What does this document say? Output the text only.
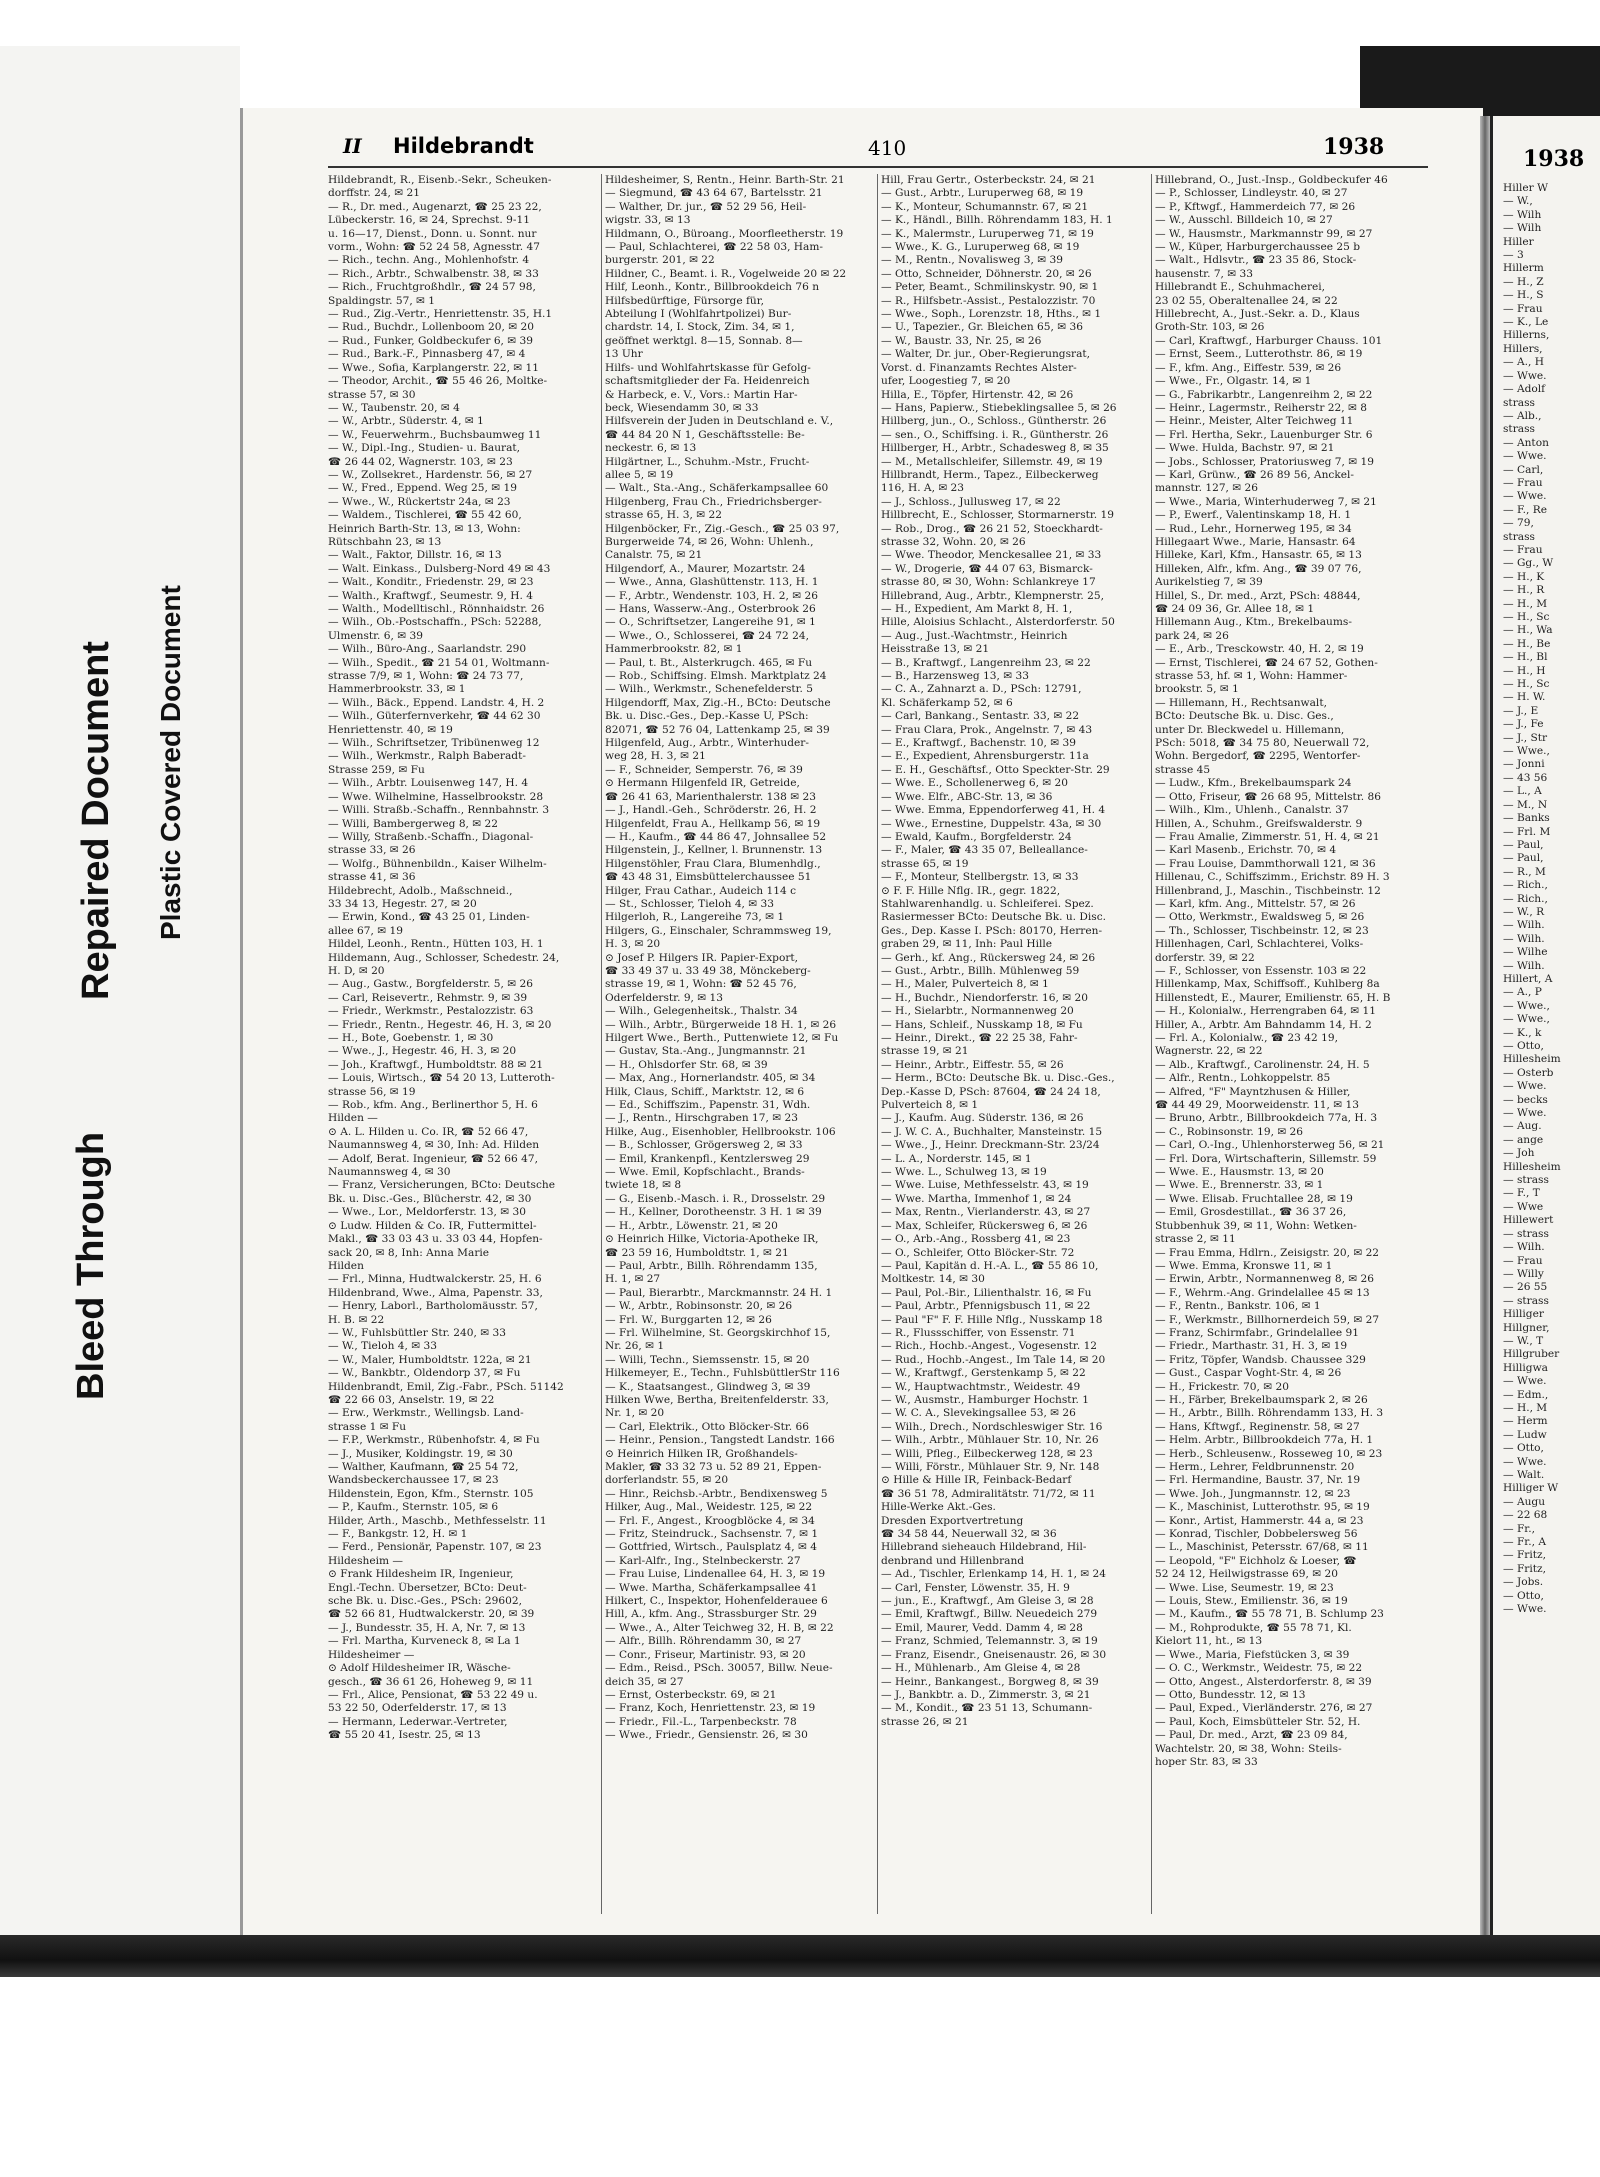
Repaired Document
Bleed Through
Plastic Covered Document
II Hildebrandt	410	1938

Hildebrandt, R., Eisenb.-Sekr., Scheuken-

dorffstr. 24, ✉ 21

— R., Dr. med., Augenarzt, ☎ 25 23 22,

Lübeckerstr. 16, ✉ 24, Sprechst. 9-11

u. 16—17, Dienst., Donn. u. Sonnt. nur

vorm., Wohn: ☎ 52 24 58, Agnesstr. 47

— Rich., techn. Ang., Mohlenhofstr. 4

— Rich., Arbtr., Schwalbenstr. 38, ✉ 33

— Rich., Fruchtgroßhdlr., ☎ 24 57 98,

Spaldingstr. 57, ✉ 1

— Rud., Zig.-Vertr., Henriettenstr. 35, H.1

— Rud., Buchdr., Lollenboom 20, ✉ 20

— Rud., Funker, Goldbeckufer 6, ✉ 39

— Rud., Bark.-F., Pinnasberg 47, ✉ 4

— Wwe., Sofia, Karplangerstr. 22, ✉ 11

— Theodor, Archit., ☎ 55 46 26, Moltke-

strasse 57, ✉ 30

— W., Taubenstr. 20, ✉ 4

— W., Arbtr., Süderstr. 4, ✉ 1

— W., Feuerwehrm., Buchsbaumweg 11

— W., Dipl.-Ing., Studien- u. Baurat,

☎ 26 44 02, Wagnerstr. 103, ✉ 23

— W., Zollsekret., Hardenstr. 56, ✉ 27

— W., Fred., Eppend. Weg 25, ✉ 19

— Wwe., W., Rückertstr 24a, ✉ 23

— Waldem., Tischlerei, ☎ 55 42 60,

Heinrich Barth-Str. 13, ✉ 13, Wohn:

Rütschbahn 23, ✉ 13

— Walt., Faktor, Dillstr. 16, ✉ 13

— Walt. Einkass., Dulsberg-Nord 49 ✉ 43

— Walt., Konditr., Friedenstr. 29, ✉ 23

— Walth., Kraftwgf., Seumestr. 9, H. 4

— Walth., Modelltischl., Rönnhaidstr. 26

— Wilh., Ob.-Postschaffn., PSch: 52288,

Ulmenstr. 6, ✉ 39

— Wilh., Büro-Ang., Saarlandstr. 290

— Wilh., Spedit., ☎ 21 54 01, Woltmann-

strasse 7/9, ✉ 1, Wohn: ☎ 24 73 77,

Hammerbrookstr. 33, ✉ 1

— Wilh., Bäck., Eppend. Landstr. 4, H. 2

— Wilh., Güterfernverkehr, ☎ 44 62 30

Henriettenstr. 40, ✉ 19

— Wilh., Schriftsetzer, Tribünenweg 12

— Wilh., Werkmstr., Ralph Baberadt-

Strasse 259, ✉ Fu

— Wilh., Arbtr. Louisenweg 147, H. 4

— Wwe. Wilhelmine, Hasselbrookstr. 28

— Willi. Straßb.-Schaffn., Rennbahnstr. 3

— Willi, Bambergerweg 8, ✉ 22

— Willy, Straßenb.-Schaffn., Diagonal-

strasse 33, ✉ 26

— Wolfg., Bühnenbildn., Kaiser Wilhelm-

strasse 41, ✉ 36

Hildebrecht, Adolb., Maßschneid.,

33 34 13, Hegestr. 27, ✉ 20

— Erwin, Kond., ☎ 43 25 01, Linden-

allee 67, ✉ 19

Hildel, Leonh., Rentn., Hütten 103, H. 1

Hildemann, Aug., Schlosser, Schedestr. 24,

H. D, ✉ 20

— Aug., Gastw., Borgfelderstr. 5, ✉ 26

— Carl, Reisevertr., Rehmstr. 9, ✉ 39

— Friedr., Werkmstr., Pestalozzistr. 63

— Friedr., Rentn., Hegestr. 46, H. 3, ✉ 20

— H., Bote, Goebenstr. 1, ✉ 30

— Wwe., J., Hegestr. 46, H. 3, ✉ 20

— Joh., Kraftwgf., Humboldtstr. 88 ✉ 21

— Louis, Wirtsch., ☎ 54 20 13, Lutteroth-

strasse 56, ✉ 19

— Rob., kfm. Ang., Berlinerthor 5, H. 6

Hilden —

⊙ A. L. Hilden u. Co. IR, ☎ 52 66 47,

Naumannsweg 4, ✉ 30, Inh: Ad. Hilden

— Adolf, Berat. Ingenieur, ☎ 52 66 47,

Naumannsweg 4, ✉ 30

— Franz, Versicherungen, BCto: Deutsche

Bk. u. Disc.-Ges., Blücherstr. 42, ✉ 30

— Wwe., Lor., Meldorferstr. 13, ✉ 30

⊙ Ludw. Hilden & Co. IR, Futtermittel-

Makl., ☎ 33 03 43 u. 33 03 44, Hopfen-

sack 20, ✉ 8, Inh: Anna Marie

Hilden

— Frl., Minna, Hudtwalckerstr. 25, H. 6

Hildenbrand, Wwe., Alma, Papenstr. 33,

— Henry, Laborl., Bartholomäusstr. 57,

H. B. ✉ 22

— W., Fuhlsbüttler Str. 240, ✉ 33

— W., Tieloh 4, ✉ 33

— W., Maler, Humboldtstr. 122a, ✉ 21

— W., Bankbtr., Oldendorp 37, ✉ Fu

Hildenbrandt, Emil, Zig.-Fabr., PSch. 51142

☎ 22 66 03, Anselstr. 19, ✉ 22

— Erw., Werkmstr., Wellingsb. Land-

strasse 1 ✉ Fu

— F.P., Werkmstr., Rübenhofstr. 4, ✉ Fu

— J., Musiker, Koldingstr. 19, ✉ 30

— Walther, Kaufmann, ☎ 25 54 72,

Wandsbeckerchaussee 17, ✉ 23

Hildenstein, Egon, Kfm., Sternstr. 105

— P., Kaufm., Sternstr. 105, ✉ 6

Hilder, Arth., Maschb., Methfesselstr. 11

— F., Bankgstr. 12, H. ✉ 1

— Ferd., Pensionär, Papenstr. 107, ✉ 23

Hildesheim —

⊙ Frank Hildesheim IR, Ingenieur,

Engl.-Techn. Übersetzer, BCto: Deut-

sche Bk. u. Disc.-Ges., PSch: 29602,

☎ 52 66 81, Hudtwalckerstr. 20, ✉ 39

— J., Bundesstr. 35, H. A, Nr. 7, ✉ 13

— Frl. Martha, Kurveneck 8, ✉ La 1

Hildesheimer —

⊙ Adolf Hildesheimer IR, Wäsche-

gesch., ☎ 36 61 26, Hoheweg 9, ✉ 11

— Frl., Alice, Pensionat, ☎ 53 22 49 u.

53 22 50, Oderfelderstr. 17, ✉ 13

— Hermann, Lederwar.-Vertreter,

☎ 55 20 41, Isestr. 25, ✉ 13

Hildesheimer, S, Rentn., Heinr. Barth-Str. 21

— Siegmund, ☎ 43 64 67, Bartelsstr. 21

— Walther, Dr. jur., ☎ 52 29 56, Heil-

wigstr. 33, ✉ 13

Hildmann, O., Büroang., Moorfleetherstr. 19

— Paul, Schlachterei, ☎ 22 58 03, Ham-

burgerstr. 201, ✉ 22

Hildner, C., Beamt. i. R., Vogelweide 20 ✉ 22

Hilf, Leonh., Kontr., Billbrookdeich 76 n

Hilfsbedürftige, Fürsorge für,

Abteilung I (Wohlfahrtpolizei) Bur-

chardstr. 14, I. Stock, Zim. 34, ✉ 1,

geöffnet werktgl. 8—15, Sonnab. 8—

13 Uhr

Hilfs- und Wohlfahrtskasse für Gefolg-

schaftsmitglieder der Fa. Heidenreich

& Harbeck, e. V., Vors.: Martin Har-

beck, Wiesendamm 30, ✉ 33

Hilfsverein der Juden in Deutschland e. V.,

☎ 44 84 20 N 1, Geschäftsstelle: Be-

neckestr. 6, ✉ 13

Hilgärtner, L., Schuhm.-Mstr., Frucht-

allee 5, ✉ 19

— Walt., Sta.-Ang., Schäferkampsallee 60

Hilgenberg, Frau Ch., Friedrichsberger-

strasse 65, H. 3, ✉ 22

Hilgenböcker, Fr., Zig.-Gesch., ☎ 25 03 97,

Burgerweide 74, ✉ 26, Wohn: Uhlenh.,

Canalstr. 75, ✉ 21

Hilgendorf, A., Maurer, Mozartstr. 24

— Wwe., Anna, Glashüttenstr. 113, H. 1

— F., Arbtr., Wendenstr. 103, H. 2, ✉ 26

— Hans, Wasserw.-Ang., Osterbrook 26

— O., Schriftsetzer, Langereihe 91, ✉ 1

— Wwe., O., Schlosserei, ☎ 24 72 24,

Hammerbrookstr. 82, ✉ 1

— Paul, t. Bt., Alsterkrugch. 465, ✉ Fu

— Rob., Schiffsing. Elmsh. Marktplatz 24

— Wilh., Werkmstr., Schenefelderstr. 5

Hilgendorff, Max, Zig.-H., BCto: Deutsche

Bk. u. Disc.-Ges., Dep.-Kasse U, PSch:

82071, ☎ 52 76 04, Lattenkamp 25, ✉ 39

Hilgenfeld, Aug., Arbtr., Winterhuder-

weg 28, H. 3, ✉ 21

— F., Schneider, Semperstr. 76, ✉ 39

⊙ Hermann Hilgenfeld IR, Getreide,

☎ 26 41 63, Marienthalerstr. 138 ✉ 23

— J., Handl.-Geh., Schröderstr. 26, H. 2

Hilgenfeldt, Frau A., Hellkamp 56, ✉ 19

— H., Kaufm., ☎ 44 86 47, Johnsallee 52

Hilgenstein, J., Kellner, l. Brunnenstr. 13

Hilgenstöhler, Frau Clara, Blumenhdlg.,

☎ 43 48 31, Eimsbüttelerchaussee 51

Hilger, Frau Cathar., Audeich 114 c

— St., Schlosser, Tieloh 4, ✉ 33

Hilgerloh, R., Langereihe 73, ✉ 1

Hilgers, G., Einschaler, Schrammsweg 19,

H. 3, ✉ 20

⊙ Josef P. Hilgers IR. Papier-Export,

☎ 33 49 37 u. 33 49 38, Mönckeberg-

strasse 19, ✉ 1, Wohn: ☎ 52 45 76,

Oderfelderstr. 9, ✉ 13

— Wilh., Gelegenheitsk., Thalstr. 34

— Wilh., Arbtr., Bürgerweide 18 H. 1, ✉ 26

Hilgert Wwe., Berth., Puttenwiete 12, ✉ Fu

— Gustav, Sta.-Ang., Jungmannstr. 21

— H., Ohlsdorfer Str. 68, ✉ 39

— Max, Ang., Hornerlandstr. 405, ✉ 34

Hilk, Claus, Schiff., Marktstr. 12, ✉ 6

— Ed., Schiffszim., Papenstr. 31, Wdh.

— J., Rentn., Hirschgraben 17, ✉ 23

Hilke, Aug., Eisenhobler, Hellbrookstr. 106

— B., Schlosser, Grögersweg 2, ✉ 33

— Emil, Krankenpfl., Kentzlersweg 29

— Wwe. Emil, Kopfschlacht., Brands-

twiete 18, ✉ 8

— G., Eisenb.-Masch. i. R., Drosselstr. 29

— H., Kellner, Dorotheenstr. 3 H. 1 ✉ 39

— H., Arbtr., Löwenstr. 21, ✉ 20

⊙ Heinrich Hilke, Victoria-Apotheke IR,

☎ 23 59 16, Humboldtstr. 1, ✉ 21

— Paul, Arbtr., Billh. Röhrendamm 135,

H. 1, ✉ 27

— Paul, Bierarbtr., Marckmannstr. 24 H. 1

— W., Arbtr., Robinsonstr. 20, ✉ 26

— Frl. W., Burggarten 12, ✉ 26

— Frl. Wilhelmine, St. Georgskirchhof 15,

Nr. 26, ✉ 1

— Willi, Techn., Siemssenstr. 15, ✉ 20

Hilkemeyer, E., Techn., FuhlsbüttlerStr 116

— K., Staatsangest., Glindweg 3, ✉ 39

Hilken Wwe, Bertha, Breitenfelderstr. 33,

Nr. 1, ✉ 20

— Carl, Elektrik., Otto Blöcker-Str. 66

— Heinr., Pension., Tangstedt Landstr. 166

⊙ Heinrich Hilken IR, Großhandels-

Makler, ☎ 33 32 73 u. 52 89 21, Eppen-

dorferlandstr. 55, ✉ 20

— Hinr., Reichsb.-Arbtr., Bendixensweg 5

Hilker, Aug., Mal., Weidestr. 125, ✉ 22

— Frl. F., Angest., Kroogblöcke 4, ✉ 34

— Fritz, Steindruck., Sachsenstr. 7, ✉ 1

— Gottfried, Wirtsch., Paulsplatz 4, ✉ 4

— Karl-Alfr., Ing., Stelnbeckerstr. 27

— Frau Luise, Lindenallee 64, H. 3, ✉ 19

— Wwe. Martha, Schäferkampsallee 41

Hilkert, C., Inspektor, Hohenfelderauee 6

Hill, A., kfm. Ang., Strassburger Str. 29

— Wwe., A., Alter Teichweg 32, H. B, ✉ 22

— Alfr., Billh. Röhrendamm 30, ✉ 27

— Conr., Friseur, Martinistr. 93, ✉ 20

— Edm., Reisd., PSch. 30057, Billw. Neue-

deich 35, ✉ 27

— Ernst, Osterbeckstr. 69, ✉ 21

— Franz, Koch, Henriettenstr. 23, ✉ 19

— Friedr., Fil.-L., Tarpenbeckstr. 78

— Wwe., Friedr., Gensienstr. 26, ✉ 30

Hill, Frau Gertr., Osterbeckstr. 24, ✉ 21

— Gust., Arbtr., Luruperweg 68, ✉ 19

— K., Monteur, Schumannstr. 67, ✉ 21

— K., Händl., Billh. Röhrendamm 183, H. 1

— K., Malermstr., Luruperweg 71, ✉ 19

— Wwe., K. G., Luruperweg 68, ✉ 19

— M., Rentn., Novalisweg 3, ✉ 39

— Otto, Schneider, Döhnerstr. 20, ✉ 26

— Peter, Beamt., Schmilinskystr. 90, ✉ 1

— R., Hilfsbetr.-Assist., Pestalozzistr. 70

— Wwe., Soph., Lorenzstr. 18, Hths., ✉ 1

— U., Tapezier., Gr. Bleichen 65, ✉ 36

— W., Baustr. 33, Nr. 25, ✉ 26

— Walter, Dr. jur., Ober-Regierungsrat,

Vorst. d. Finanzamts Rechtes Alster-

ufer, Loogestieg 7, ✉ 20

Hilla, E., Töpfer, Hirtenstr. 42, ✉ 26

— Hans, Papierw., Stiebeklingsallee 5, ✉ 26

Hillberg, jun., O., Schloss., Güntherstr. 26

— sen., O., Schiffsing. i. R., Güntherstr. 26

Hillberger, H., Arbtr., Schadesweg 8, ✉ 35

— M., Metallschleifer, Sillemstr. 49, ✉ 19

Hillbrandt, Herm., Tapez., Eilbeckerweg

116, H. A, ✉ 23

— J., Schloss., Jullusweg 17, ✉ 22

Hillbrecht, E., Schlosser, Stormarnerstr. 19

— Rob., Drog., ☎ 26 21 52, Stoeckhardt-

strasse 32, Wohn. 20, ✉ 26

— Wwe. Theodor, Menckesallee 21, ✉ 33

— W., Drogerie, ☎ 44 07 63, Bismarck-

strasse 80, ✉ 30, Wohn: Schlankreye 17

Hillebrand, Aug., Arbtr., Klempnerstr. 25,

— H., Expedient, Am Markt 8, H. 1,

Hille, Aloisius Schlacht., Alsterdorferstr. 50

— Aug., Just.-Wachtmstr., Heinrich

Heisstraße 13, ✉ 21

— B., Kraftwgf., Langenreihm 23, ✉ 22

— B., Harzensweg 13, ✉ 33

— C. A., Zahnarzt a. D., PSch: 12791,

Kl. Schäferkamp 52, ✉ 6

— Carl, Bankang., Sentastr. 33, ✉ 22

— Frau Clara, Prok., Angelnstr. 7, ✉ 43

— E., Kraftwgf., Bachenstr. 10, ✉ 39

— E., Expedient, Ahrensburgerstr. 11a

— E. H., Geschäftsf., Otto Speckter-Str. 29

— Wwe. E., Schollenerweg 6, ✉ 20

— Wwe. Elfr., ABC-Str. 13, ✉ 36

— Wwe. Emma, Eppendorferweg 41, H. 4

— Wwe., Ernestine, Duppelstr. 43a, ✉ 30

— Ewald, Kaufm., Borgfelderstr. 24

— F., Maler, ☎ 43 35 07, Belleallance-

strasse 65, ✉ 19

— F., Monteur, Stellbergstr. 13, ✉ 33

⊙ F. F. Hille Nflg. IR., gegr. 1822,

Stahlwarenhandlg. u. Schleiferei. Spez.

Rasiermesser BCto: Deutsche Bk. u. Disc.

Ges., Dep. Kasse I. PSch: 80170, Herren-

graben 29, ✉ 11, Inh: Paul Hille

— Gerh., kf. Ang., Rückersweg 24, ✉ 26

— Gust., Arbtr., Billh. Mühlenweg 59

— H., Maler, Pulverteich 8, ✉ 1

— H., Buchdr., Niendorferstr. 16, ✉ 20

— H., Sielarbtr., Normannenweg 20

— Hans, Schleif., Nusskamp 18, ✉ Fu

— Heinr., Direkt., ☎ 22 25 38, Fahr-

strasse 19, ✉ 21

— Heinr., Arbtr., Eiffestr. 55, ✉ 26

— Herm., BCto: Deutsche Bk. u. Disc.-Ges.,

Dep.-Kasse D, PSch: 87604, ☎ 24 24 18,

Pulverteich 8, ✉ 1

— J., Kaufm. Aug. Süderstr. 136, ✉ 26

— J. W. C. A., Buchhalter, Mansteinstr. 15

— Wwe., J., Heinr. Dreckmann-Str. 23/24

— L. A., Norderstr. 145, ✉ 1

— Wwe. L., Schulweg 13, ✉ 19

— Wwe. Luise, Methfesselstr. 43, ✉ 19

— Wwe. Martha, Immenhof 1, ✉ 24

— Max, Rentn., Vierlanderstr. 43, ✉ 27

— Max, Schleifer, Rückersweg 6, ✉ 26

— O., Arb.-Ang., Rossberg 41, ✉ 23

— O., Schleifer, Otto Blöcker-Str. 72

— Paul, Kapitän d. H.-A. L., ☎ 55 86 10,

Moltkestr. 14, ✉ 30

— Paul, Pol.-Bir., Lilienthalstr. 16, ✉ Fu

— Paul, Arbtr., Pfennigsbusch 11, ✉ 22

— Paul "F" F. F. Hille Nflg., Nusskamp 18

— R., Flussschiffer, von Essenstr. 71

— Rich., Hochb.-Angest., Vogesenstr. 12

— Rud., Hochb.-Angest., Im Tale 14, ✉ 20

— W., Kraftwgf., Gerstenkamp 5, ✉ 22

— W., Hauptwachtmstr., Weidestr. 49

— W., Ausmstr., Hamburger Hochstr. 1

— W. C. A., Slevekingsallee 53, ✉ 26

— Wilh., Drech., Nordschleswiger Str. 16

— Wilh., Arbtr., Mühlauer Str. 10, Nr. 26

— Willi, Pfleg., Eilbeckerweg 128, ✉ 23

— Willi, Förstr., Mühlauer Str. 9, Nr. 148

⊙ Hille & Hille IR, Feinback-Bedarf

☎ 36 51 78, Admiralitätstr. 71/72, ✉ 11

Hille-Werke Akt.-Ges.

Dresden Exportvertretung

☎ 34 58 44, Neuerwall 32, ✉ 36

Hillebrand sieheauch Hildebrand, Hil-

denbrand und Hillenbrand

— Ad., Tischler, Erlenkamp 14, H. 1, ✉ 24

— Carl, Fenster, Löwenstr. 35, H. 9

— jun., E., Kraftwgf., Am Gleise 3, ✉ 28

— Emil, Kraftwgf., Billw. Neuedeich 279

— Emil, Maurer, Vedd. Damm 4, ✉ 28

— Franz, Schmied, Telemannstr. 3, ✉ 19

— Franz, Eisendr., Gneisenaustr. 26, ✉ 30

— H., Mühlenarb., Am Gleise 4, ✉ 28

— Heinr., Bankangest., Borgweg 8, ✉ 39

— J., Bankbtr. a. D., Zimmerstr. 3, ✉ 21

— M., Kondit., ☎ 23 51 13, Schumann-

strasse 26, ✉ 21

Hillebrand, O., Just.-Insp., Goldbeckufer 46

— P., Schlosser, Lindleystr. 40, ✉ 27

— P., Kftwgf., Hammerdeich 77, ✉ 26

— W., Ausschl. Billdeich 10, ✉ 27

— W., Hausmstr., Markmannstr 99, ✉ 27

— W., Küper, Harburgerchaussee 25 b

— Walt., Hdlsvtr., ☎ 23 35 86, Stock-

hausenstr. 7, ✉ 33

Hillebrandt E., Schuhmacherei,

23 02 55, Oberaltenallee 24, ✉ 22

Hillebrecht, A., Just.-Sekr. a. D., Klaus

Groth-Str. 103, ✉ 26

— Carl, Kraftwgf., Harburger Chauss. 101

— Ernst, Seem., Lutterothstr. 86, ✉ 19

— F., kfm. Ang., Eiffestr. 539, ✉ 26

— Wwe., Fr., Olgastr. 14, ✉ 1

— G., Fabrikarbtr., Langenreihm 2, ✉ 22

— Heinr., Lagermstr., Reiherstr 22, ✉ 8

— Heinr., Meister, Alter Teichweg 11

— Frl. Hertha, Sekr., Lauenburger Str. 6

— Wwe. Hulda, Bachstr. 97, ✉ 21

— Jobs., Schlosser, Pratoriusweg 7, ✉ 19

— Karl, Grünw., ☎ 26 89 56, Anckel-

mannstr. 127, ✉ 26

— Wwe., Maria, Winterhuderweg 7, ✉ 21

— P., Ewerf., Valentinskamp 18, H. 1

— Rud., Lehr., Hornerweg 195, ✉ 34

Hillegaart Wwe., Marie, Hansastr. 64

Hilleke, Karl, Kfm., Hansastr. 65, ✉ 13

Hilleken, Alfr., kfm. Ang., ☎ 39 07 76,

Aurikelstieg 7, ✉ 39

Hillel, S., Dr. med., Arzt, PSch: 48844,

☎ 24 09 36, Gr. Allee 18, ✉ 1

Hillemann Aug., Ktm., Brekelbaums-

park 24, ✉ 26

— E., Arb., Tresckowstr. 40, H. 2, ✉ 19

— Ernst, Tischlerei, ☎ 24 67 52, Gothen-

strasse 53, hf. ✉ 1, Wohn: Hammer-

brookstr. 5, ✉ 1

— Hillemann, H., Rechtsanwalt,

BCto: Deutsche Bk. u. Disc. Ges.,

unter Dr. Bleckwedel u. Hillemann,

PSch: 5018, ☎ 34 75 80, Neuerwall 72,

Wohn. Bergedorf, ☎ 2295, Wentorfer-

strasse 45

— Ludw., Kfm., Brekelbaumspark 24

— Otto, Friseur, ☎ 26 68 95, Mittelstr. 86

— Wilh., Klm., Uhlenh., Canalstr. 37

Hillen, A., Schuhm., Greifswalderstr. 9

— Frau Amalie, Zimmerstr. 51, H. 4, ✉ 21

— Karl Masenb., Erichstr. 70, ✉ 4

— Frau Louise, Dammthorwall 121, ✉ 36

Hillenau, C., Schiffszimm., Erichstr. 89 H. 3

Hillenbrand, J., Maschin., Tischbeinstr. 12

— Karl, kfm. Ang., Mittelstr. 57, ✉ 26

— Otto, Werkmstr., Ewaldsweg 5, ✉ 26

— Th., Schlosser, Tischbeinstr. 12, ✉ 23

Hillenhagen, Carl, Schlachterei, Volks-

dorferstr. 39, ✉ 22

— F., Schlosser, von Essenstr. 103 ✉ 22

Hillenkamp, Max, Schiffsoff., Kuhlberg 8a

Hillenstedt, E., Maurer, Emilienstr. 65, H. B

— H., Kolonialw., Herrengraben 64, ✉ 11

Hiller, A., Arbtr. Am Bahndamm 14, H. 2

— Frl. A., Kolonialw., ☎ 23 42 19,

Wagnerstr. 22, ✉ 22

— Alb., Kraftwgf., Carolinenstr. 24, H. 5

— Alfr., Rentn., Lohkoppelstr. 85

— Alfred, "F" Mayntzhusen & Hiller,

☎ 44 49 29, Moorweidenstr. 11, ✉ 13

— Bruno, Arbtr., Billbrookdeich 77a, H. 3

— C., Robinsonstr. 19, ✉ 26

— Carl, O.-Ing., Uhlenhorsterweg 56, ✉ 21

— Frl. Dora, Wirtschafterin, Sillemstr. 59

— Wwe. E., Hausmstr. 13, ✉ 20

— Wwe. E., Brennerstr. 33, ✉ 1

— Wwe. Elisab. Fruchtallee 28, ✉ 19

— Emil, Grosdestillat., ☎ 36 37 26,

Stubbenhuk 39, ✉ 11, Wohn: Wetken-

strasse 2, ✉ 11

— Frau Emma, Hdlrn., Zeisigstr. 20, ✉ 22

— Wwe. Emma, Kronswe 11, ✉ 1

— Erwin, Arbtr., Normannenweg 8, ✉ 26

— F., Wehrm.-Ang. Grindelallee 45 ✉ 13

— F., Rentn., Bankstr. 106, ✉ 1

— F., Werkmstr., Billhornerdeich 59, ✉ 27

— Franz, Schirmfabr., Grindelallee 91

— Friedr., Marthastr. 31, H. 3, ✉ 19

— Fritz, Töpfer, Wandsb. Chaussee 329

— Gust., Caspar Voght-Str. 4, ✉ 26

— H., Frickestr. 70, ✉ 20

— H., Färber, Brekelbaumspark 2, ✉ 26

— H., Arbtr., Billh. Röhrendamm 133, H. 3

— Hans, Kftwgf., Reginenstr. 58, ✉ 27

— Helm. Arbtr., Billbrookdeich 77a, H. 1

— Herb., Schleusenw., Rosseweg 10, ✉ 23

— Herm., Lehrer, Feldbrunnenstr. 20

— Frl. Hermandine, Baustr. 37, Nr. 19

— Wwe. Joh., Jungmannstr. 12, ✉ 23

— K., Maschinist, Lutterothstr. 95, ✉ 19

— Konr., Artist, Hammerstr. 44 a, ✉ 23

— Konrad, Tischler, Dobbelersweg 56

— L., Maschinist, Petersstr. 67/68, ✉ 11

— Leopold, "F" Eichholz & Loeser, ☎

52 24 12, Heilwigstrasse 69, ✉ 20

— Wwe. Lise, Seumestr. 19, ✉ 23

— Louis, Stew., Emilienstr. 36, ✉ 19

— M., Kaufm., ☎ 55 78 71, B. Schlump 23

— M., Rohprodukte, ☎ 55 78 71, Kl.

Kielort 11, ht., ✉ 13

— Wwe., Maria, Fiefstücken 3, ✉ 39

— O. C., Werkmstr., Weidestr. 75, ✉ 22

— Otto, Angest., Alsterdorferstr. 8, ✉ 39

— Otto, Bundesstr. 12, ✉ 13

— Paul, Exped., Vierländerstr. 276, ✉ 27

— Paul, Koch, Eimsbütteler Str. 52, H.

— Paul, Dr. med., Arzt, ☎ 23 09 84,

Wachtelstr. 20, ✉ 38, Wohn: Steils-

hoper Str. 83, ✉ 33

1938

Hiller W

— W.,

— Wilh

— Wilh

Hiller

— 3

Hillerm

— H., Z

— H., S

— Frau

— K., Le

Hillerns,

Hillers,

— A., H

— Wwe.

— Adolf

strass

— Alb.,

strass

— Anton

— Wwe.

— Carl,

— Frau

— Wwe.

— F., Re

— 79,

strass

— Frau

— Gg., W

— H., K

— H., R

— H., M

— H., Sc

— H., Wa

— H., Be

— H., Bl

— H., H

— H., Sc

— H. W.

— J., E

— J., Fe

— J., Str

— Wwe.,

— Jonni

— 43 56

— L., A

— M., N

— Banks

— Frl. M

— Paul,

— Paul,

— R., M

— Rich.,

— Rich.,

— W., R

— Wilh.

— Wilh.

— Wilhe

— Wilh.

Hillert, A

— A., P

— Wwe.,

— Wwe.,

— K., k

— Otto,

Hillesheim

— Osterb

— Wwe.

— becks

— Wwe.

— Aug.

— ange

— Joh

Hillesheim

— strass

— F., T

— Wwe

Hillewert

— strass

— Wilh.

— Frau

— Willy

— 26 55

— strass

Hilliger

Hillgner,

— W., T

Hillgruber

Hilligwa

— Wwe.

— Edm.,

— H., M

— Herm

— Ludw

— Otto,

— Wwe.

— Walt.

Hilliger W

— Augu

— 22 68

— Fr.,

— Fr., A

— Fritz,

— Fritz,

— Jobs.

— Otto,

— Wwe.
